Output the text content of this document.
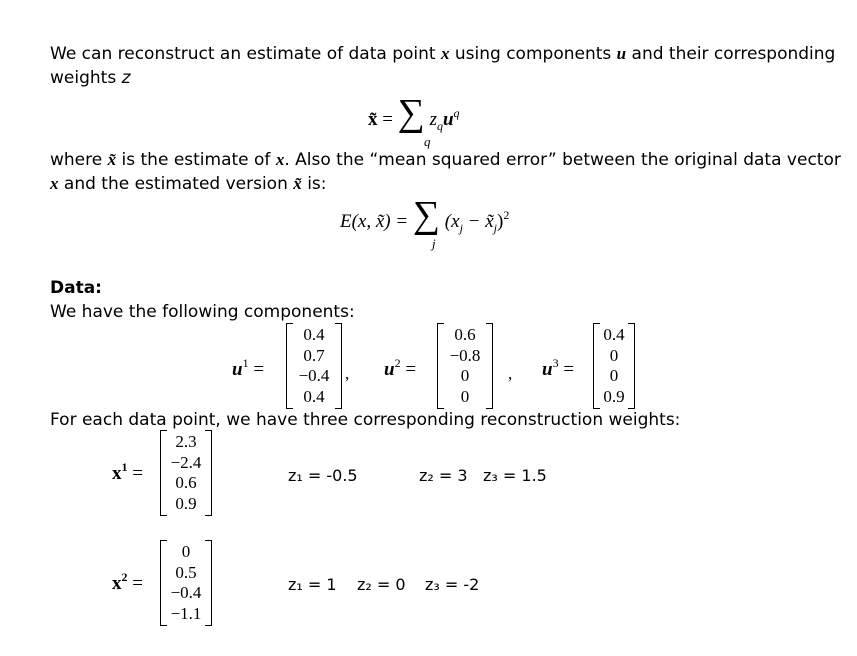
We can reconstruct an estimate of data point x using components u and their corresponding
weights z
x̃ = ∑ $z_qu^q$
q
where x̃ is the estimate of x. Also the “mean squared error” between the original data vector
x and the estimated version x̃ is:
E(x, x̃) = ∑ ($x_j$ − $x̃_j)^2$
j
Data:
We have the following components:
$u^1$ =
0.4
0.7
−0.4
0.4
, $u^2$ =
0.6
−0.8
0
0
, $u^3$ =
0.4
0
0
0.9
For each data point, we have three corresponding reconstruction weights:
$x^1$ =
2.3
−2.4
0.6
0.9
z₁ = -0.5	z₂ = 3 z₃ = 1.5
$x^2$ =
0
0.5
−0.4
−1.1
z₁ = 1 z₂ = 0 z₃ = -2
